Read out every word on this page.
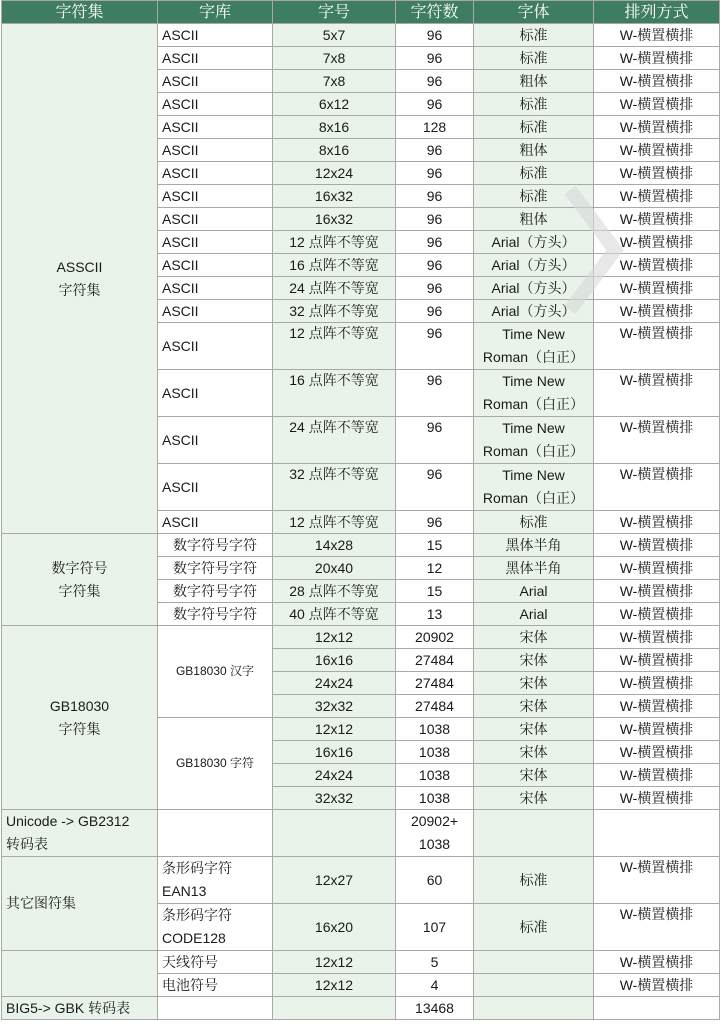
字符集	字库	字号	字符数	字体	排列方式

ASSCII
字符集	ASCII	5x7	96	标准	W-横置横排
	ASCII	7x8	96	标准	W-横置横排
	ASCII	7x8	96	粗体	W-横置横排
	ASCII	6x12	96	标准	W-横置横排
	ASCII	8x16	128	标准	W-横置横排
	ASCII	8x16	96	粗体	W-横置横排
	ASCII	12x24	96	标准	W-横置横排
	ASCII	16x32	96	标准	W-横置横排
	ASCII	16x32	96	粗体	W-横置横排
	ASCII	12 点阵不等宽	96	Arial（方头）	W-横置横排
	ASCII	16 点阵不等宽	96	Arial（方头）	W-横置横排
	ASCII	24 点阵不等宽	96	Arial（方头）	W-横置横排
	ASCII	32 点阵不等宽	96	Arial（方头）	W-横置横排
	ASCII	12 点阵不等宽	96	Time New
Roman（白正）	W-横置横排
	ASCII	16 点阵不等宽	96	Time New
Roman（白正）	W-横置横排
	ASCII	24 点阵不等宽	96	Time New
Roman（白正）	W-横置横排
	ASCII	32 点阵不等宽	96	Time New
Roman（白正）	W-横置横排
	ASCII	12 点阵不等宽	96	标准	W-横置横排

数字符号
字符集	数字符号字符	14x28	15	黑体半角	W-横置横排
	数字符号字符	20x40	12	黑体半角	W-横置横排
	数字符号字符	28 点阵不等宽	15	Arial	W-横置横排
	数字符号字符	40 点阵不等宽	13	Arial	W-横置横排

GB18030
字符集	GB18030 汉字	12x12	20902	宋体	W-横置横排
		16x16	27484	宋体	W-横置横排
		24x24	27484	宋体	W-横置横排
		32x32	27484	宋体	W-横置横排
	GB18030 字符	12x12	1038	宋体	W-横置横排
		16x16	1038	宋体	W-横置横排
		24x24	1038	宋体	W-横置横排
		32x32	1038	宋体	W-横置横排

Unicode -> GB2312
转码表			20902+
1038		

其它图符集	条形码字符
EAN13	12x27	60	标准	W-横置横排

	条形码字符
CODE128	16x20	107	标准	W-横置横排
	天线符号	12x12	5		W-横置横排
	电池符号	12x12	4		W-横置横排
BIG5-> GBK 转码表			13468		
